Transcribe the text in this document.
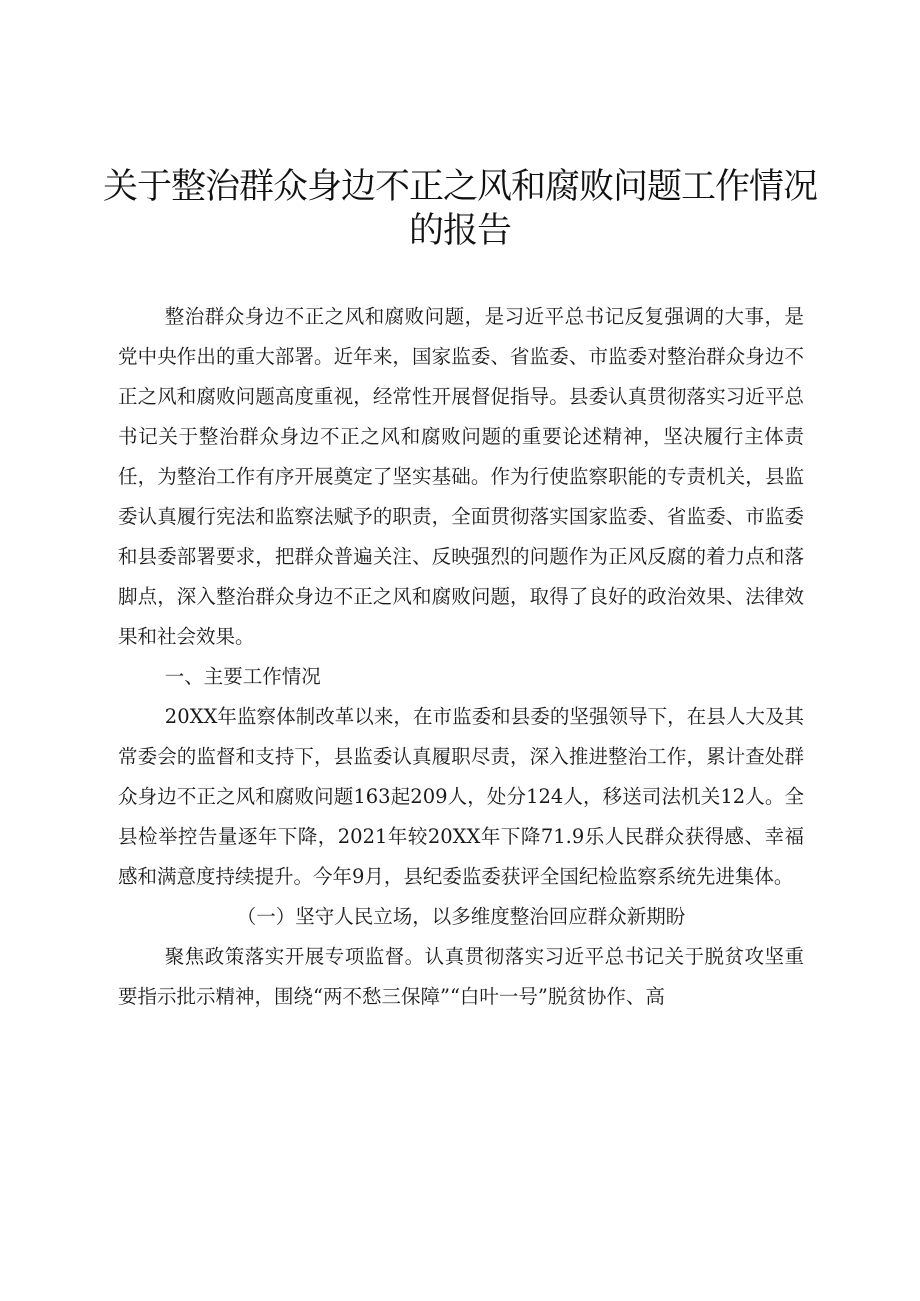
关于整治群众身边不正之风和腐败问题工作情况的报告

整治群众身边不正之风和腐败问题，是习近平总书记反复强调的大事，是党中央作出的重大部署。近年来，国家监委、省监委、市监委对整治群众身边不正之风和腐败问题高度重视，经常性开展督促指导。县委认真贯彻落实习近平总书记关于整治群众身边不正之风和腐败问题的重要论述精神，坚决履行主体责任，为整治工作有序开展奠定了坚实基础。作为行使监察职能的专责机关，县监委认真履行宪法和监察法赋予的职责，全面贯彻落实国家监委、省监委、市监委和县委部署要求，把群众普遍关注、反映强烈的问题作为正风反腐的着力点和落脚点，深入整治群众身边不正之风和腐败问题，取得了良好的政治效果、法律效果和社会效果。

一、主要工作情况

20XX年监察体制改革以来，在市监委和县委的坚强领导下，在县人大及其常委会的监督和支持下，县监委认真履职尽责，深入推进整治工作，累计查处群众身边不正之风和腐败问题163起209人，处分124人，移送司法机关12人。全县检举控告量逐年下降，2021年较20XX年下降71.9乐人民群众获得感、幸福感和满意度持续提升。今年9月，县纪委监委获评全国纪检监察系统先进集体。

（一）坚守人民立场，以多维度整治回应群众新期盼

聚焦政策落实开展专项监督。认真贯彻落实习近平总书记关于脱贫攻坚重要指示批示精神，围绕“两不愁三保障”“白叶一号”脱贫协作、高
